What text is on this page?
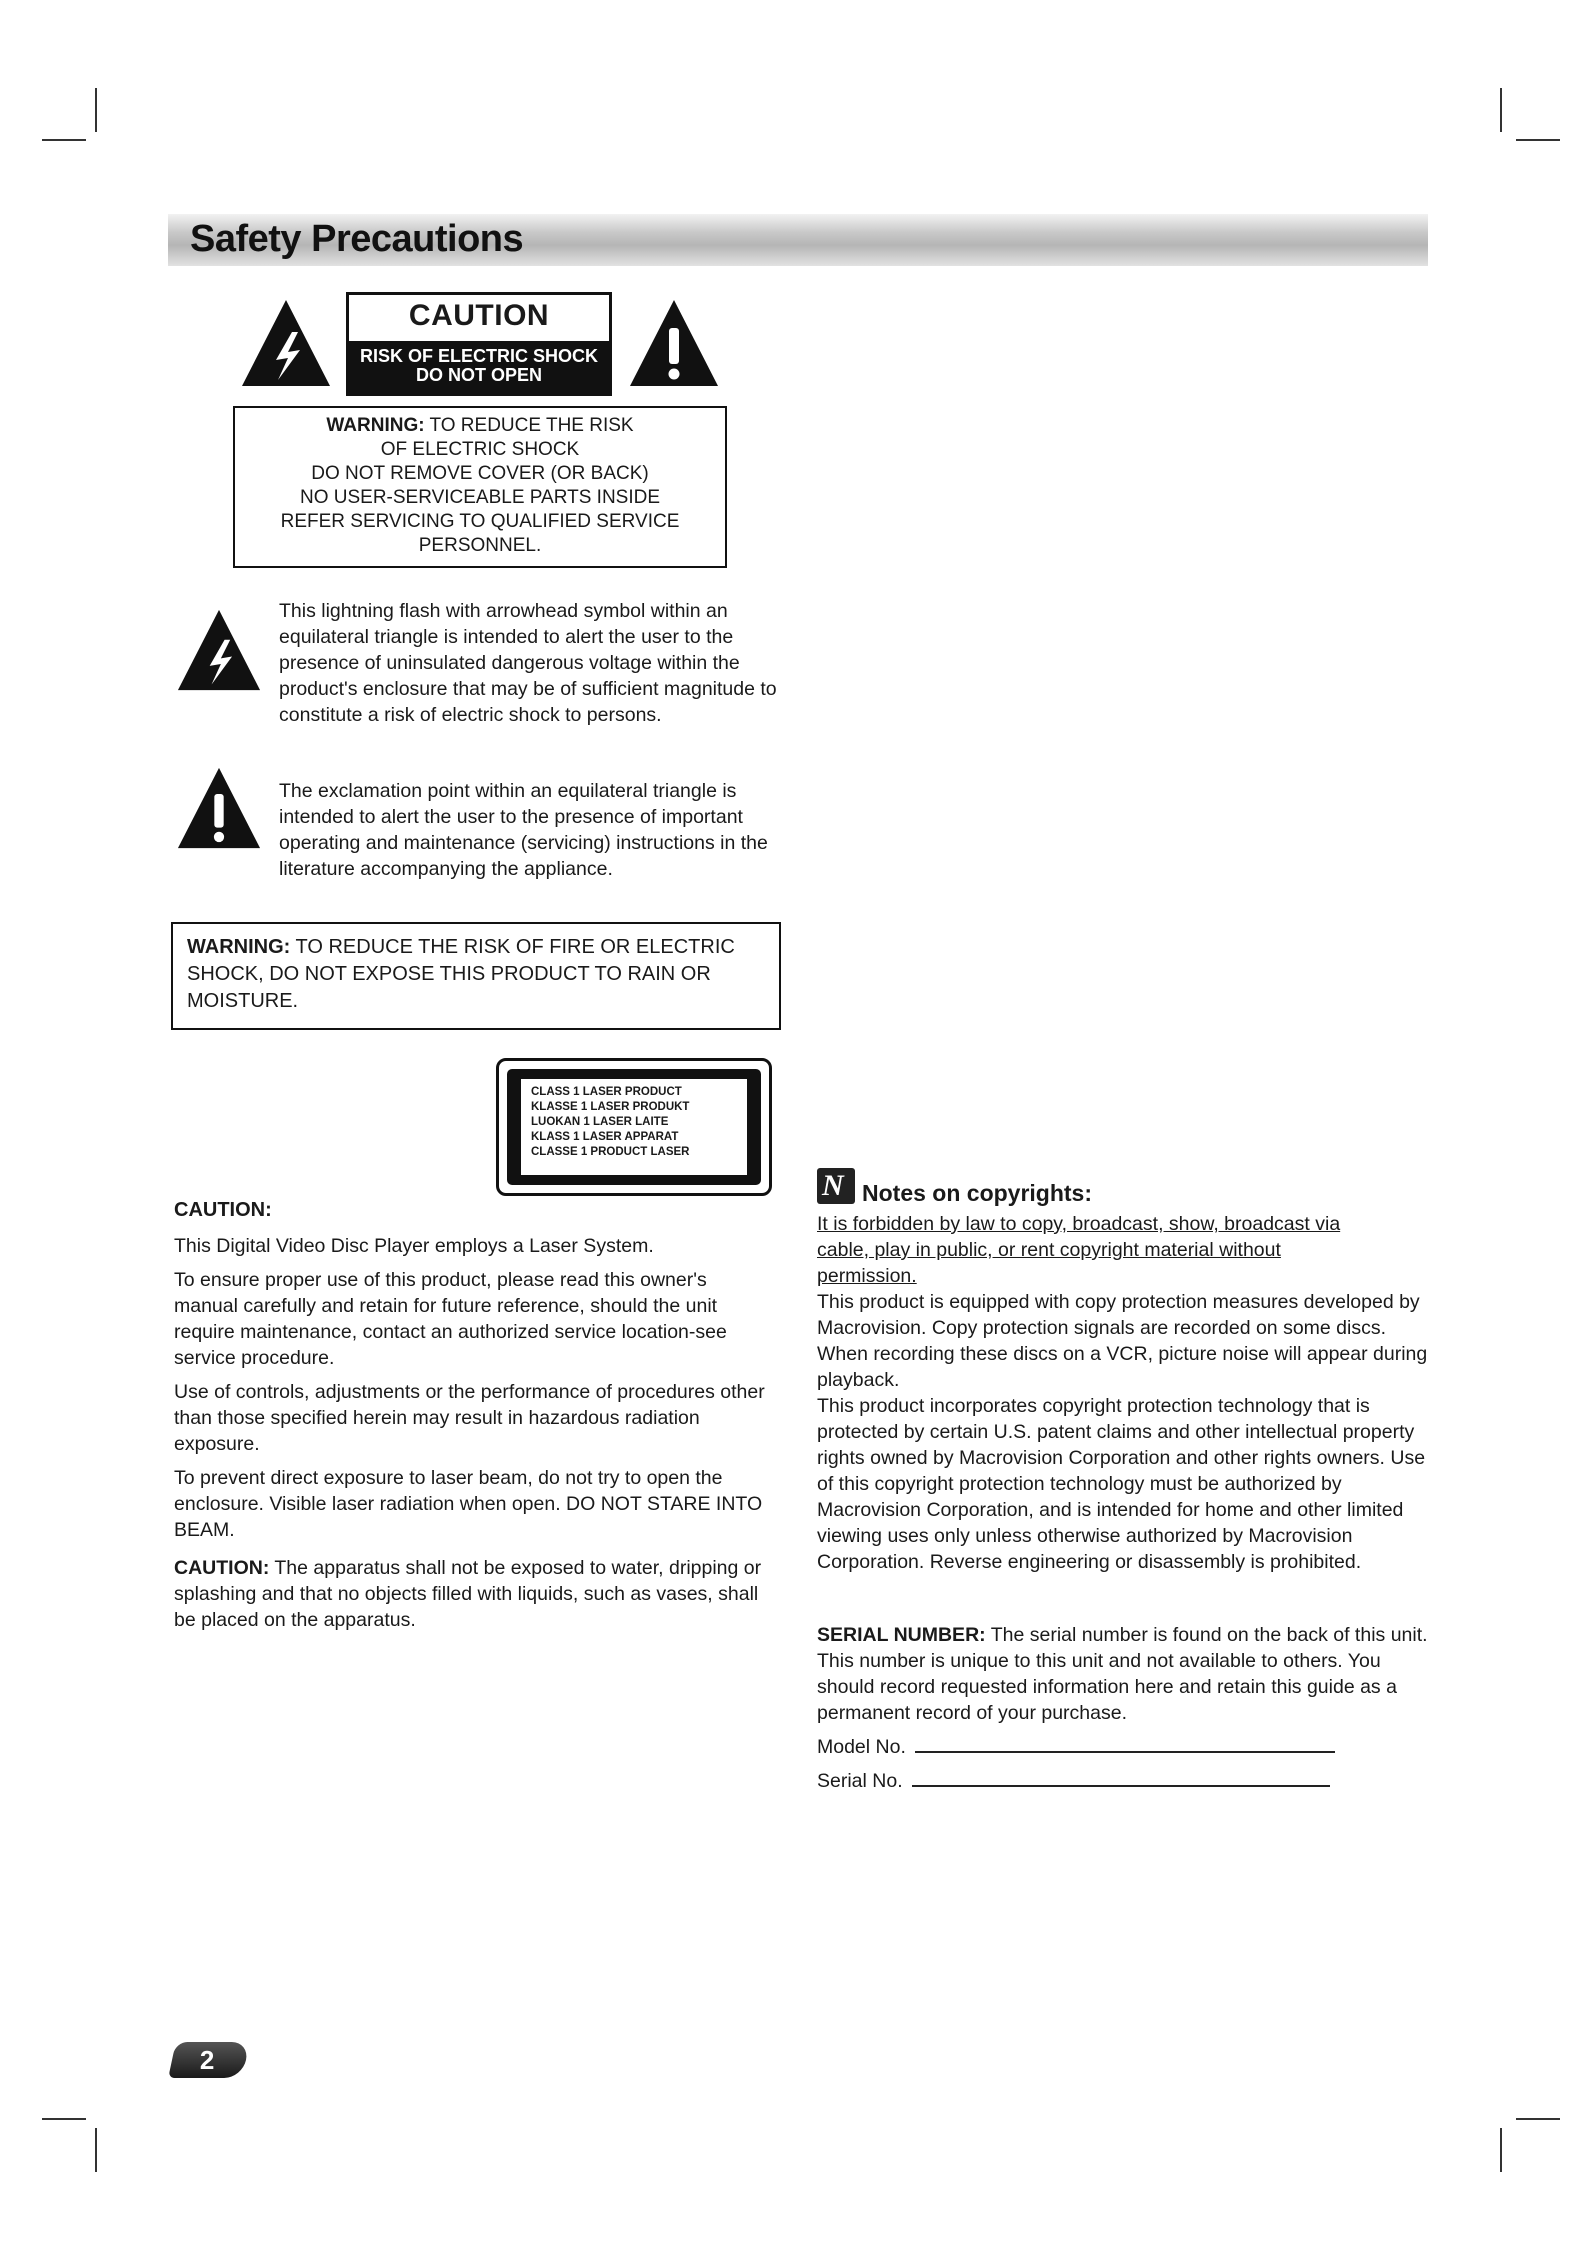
Safety Precautions
CAUTION
RISK OF ELECTRIC SHOCK
DO NOT OPEN
WARNING: TO REDUCE THE RISK
OF ELECTRIC SHOCK
DO NOT REMOVE COVER (OR BACK)
NO USER-SERVICEABLE PARTS INSIDE
REFER SERVICING TO QUALIFIED SERVICE
PERSONNEL.
This lightning flash with arrowhead symbol within an equilateral triangle is intended to alert the user to the presence of uninsulated dangerous voltage within the product's enclosure that may be of sufficient magnitude to constitute a risk of electric shock to persons.
The exclamation point within an equilateral triangle is intended to alert the user to the presence of important operating and maintenance (servicing) instructions in the literature accompanying the appliance.
WARNING: TO REDUCE THE RISK OF FIRE OR ELECTRIC SHOCK, DO NOT EXPOSE THIS PRODUCT TO RAIN OR MOISTURE.
CLASS 1 LASER PRODUCT
KLASSE 1 LASER PRODUKT
LUOKAN 1 LASER LAITE
KLASS 1 LASER APPARAT
CLASSE 1 PRODUCT LASER
CAUTION:
This Digital Video Disc Player employs a Laser System.
To ensure proper use of this product, please read this owner's manual carefully and retain for future reference, should the unit require maintenance, contact an authorized service location-see service procedure.
Use of controls, adjustments or the performance of procedures other than those specified herein may result in hazardous radiation exposure.
To prevent direct exposure to laser beam, do not try to open the enclosure. Visible laser radiation when open. DO NOT STARE INTO BEAM.
CAUTION: The apparatus shall not be exposed to water, dripping or splashing and that no objects filled with liquids, such as vases, shall be placed on the apparatus.
N Notes on copyrights:
It is forbidden by law to copy, broadcast, show, broadcast via cable, play in public, or rent copyright material without permission.
This product is equipped with copy protection measures developed by Macrovision. Copy protection signals are recorded on some discs. When recording these discs on a VCR, picture noise will appear during playback.
This product incorporates copyright protection technology that is protected by certain U.S. patent claims and other intellectual property rights owned by Macrovision Corporation and other rights owners. Use of this copyright protection technology must be authorized by Macrovision Corporation, and is intended for home and other limited viewing uses only unless otherwise authorized by Macrovision Corporation. Reverse engineering or disassembly is prohibited.
SERIAL NUMBER: The serial number is found on the back of this unit. This number is unique to this unit and not available to others. You should record requested information here and retain this guide as a permanent record of your purchase.
Model No.
Serial No.
2
